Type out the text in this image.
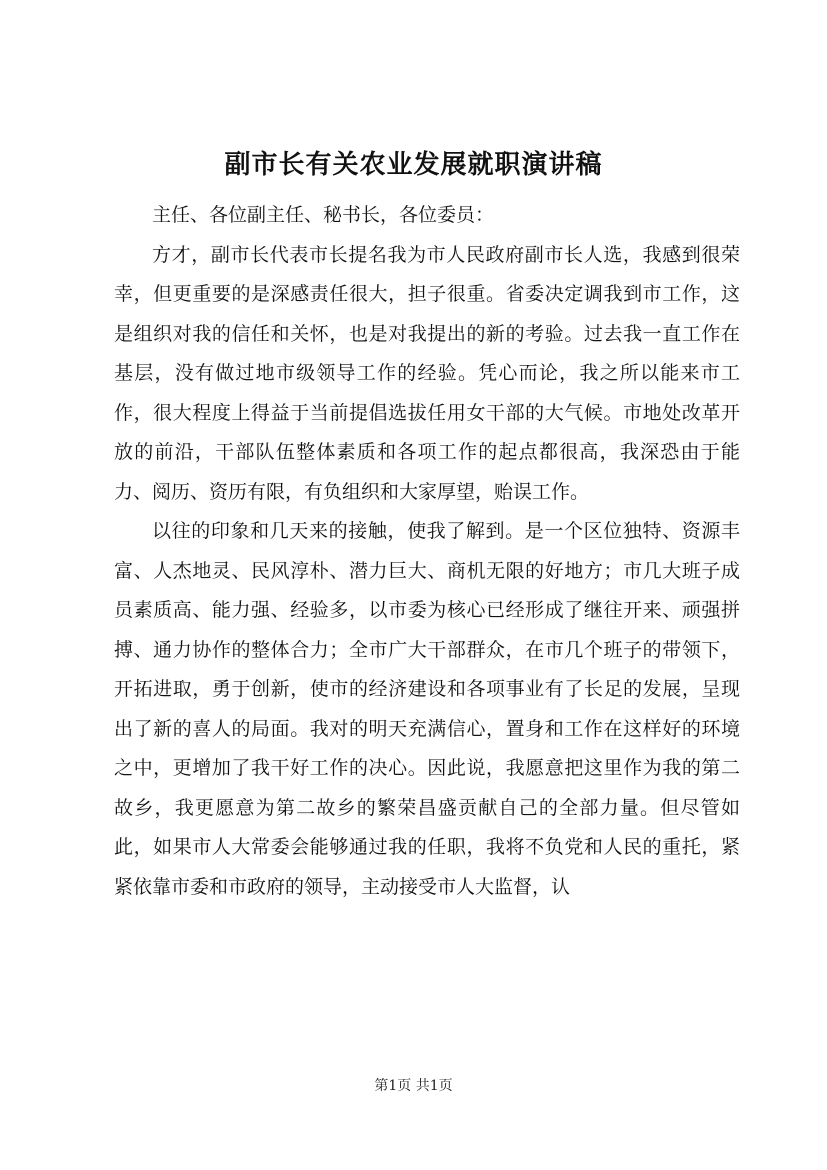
副市长有关农业发展就职演讲稿

主任、各位副主任、秘书长，各位委员：

方才，副市长代表市长提名我为市人民政府副市长人选，我感到很荣幸，但更重要的是深感责任很大，担子很重。省委决定调我到市工作，这是组织对我的信任和关怀，也是对我提出的新的考验。过去我一直工作在基层，没有做过地市级领导工作的经验。凭心而论，我之所以能来市工作，很大程度上得益于当前提倡选拔任用女干部的大气候。市地处改革开放的前沿，干部队伍整体素质和各项工作的起点都很高，我深恐由于能力、阅历、资历有限，有负组织和大家厚望，贻误工作。

以往的印象和几天来的接触，使我了解到。是一个区位独特、资源丰富、人杰地灵、民风淳朴、潜力巨大、商机无限的好地方；市几大班子成员素质高、能力强、经验多，以市委为核心已经形成了继往开来、顽强拼搏、通力协作的整体合力；全市广大干部群众，在市几个班子的带领下，开拓进取，勇于创新，使市的经济建设和各项事业有了长足的发展，呈现出了新的喜人的局面。我对的明天充满信心，置身和工作在这样好的环境之中，更增加了我干好工作的决心。因此说，我愿意把这里作为我的第二故乡，我更愿意为第二故乡的繁荣昌盛贡献自己的全部力量。但尽管如此，如果市人大常委会能够通过我的任职，我将不负党和人民的重托，紧紧依靠市委和市政府的领导，主动接受市人大监督，认

第1页 共1页
